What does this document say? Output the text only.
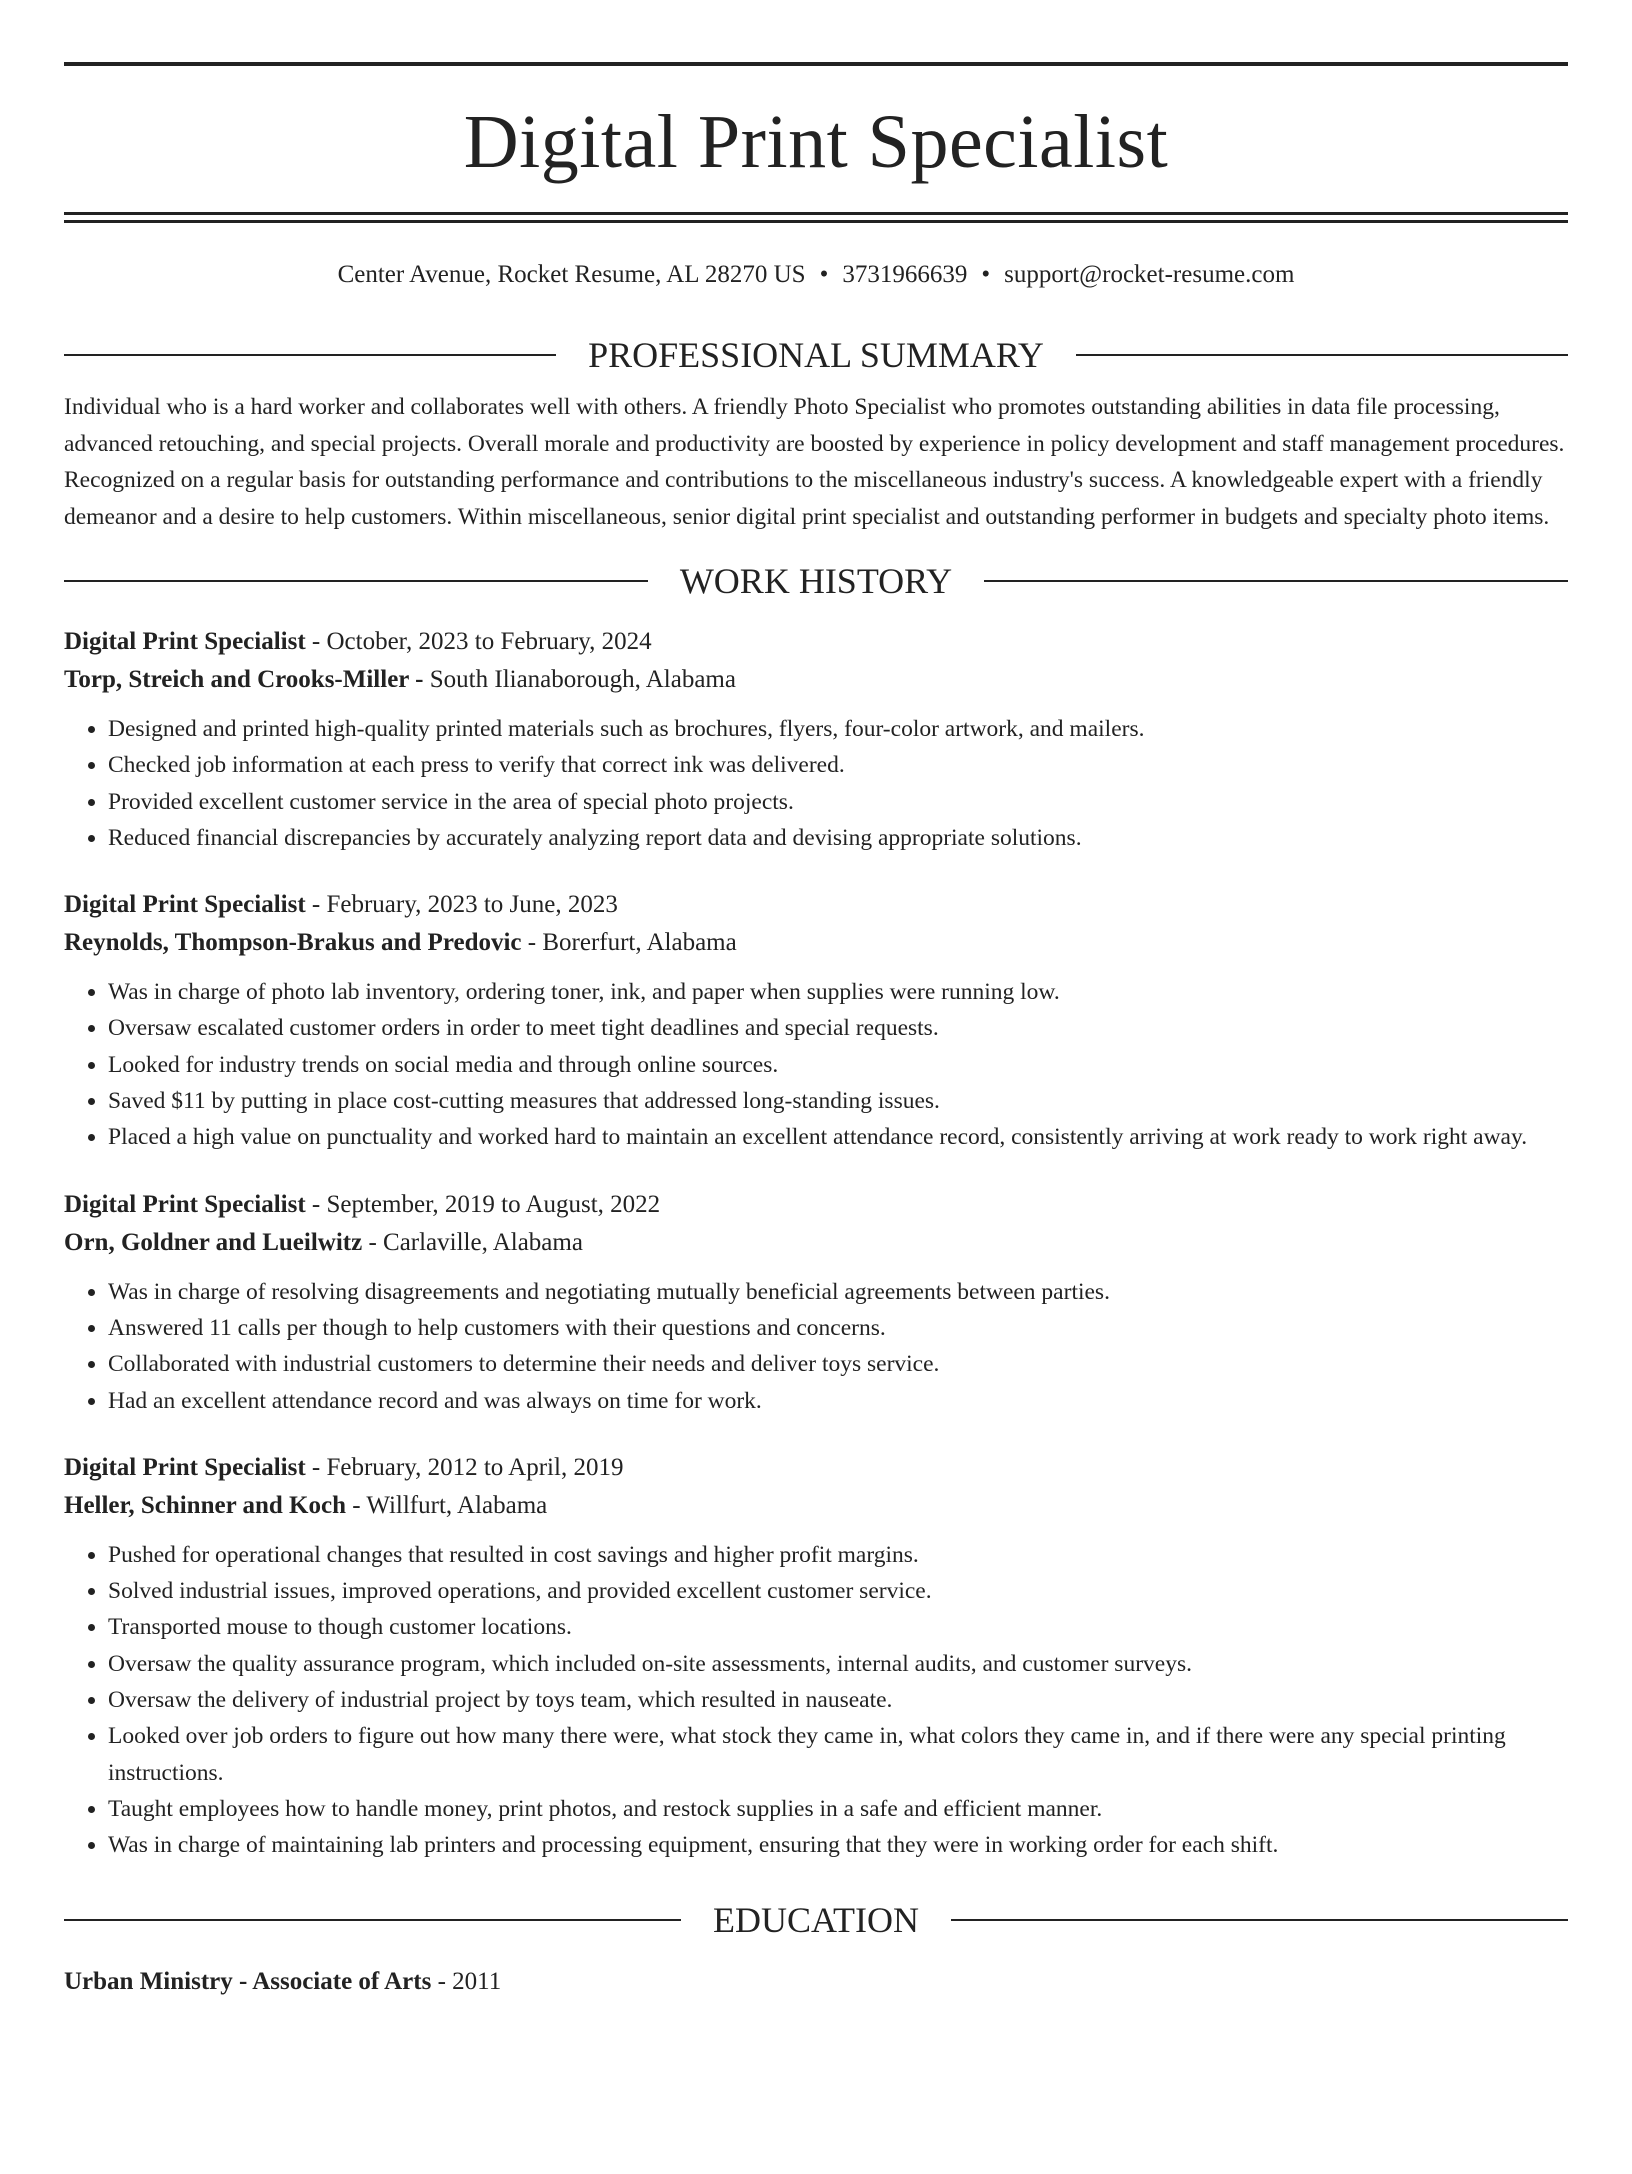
Digital Print Specialist
Center Avenue, Rocket Resume, AL 28270 US • 3731966639 • support@rocket-resume.com
PROFESSIONAL SUMMARY
Individual who is a hard worker and collaborates well with others. A friendly Photo Specialist who promotes outstanding abilities in data file processing, advanced retouching, and special projects. Overall morale and productivity are boosted by experience in policy development and staff management procedures. Recognized on a regular basis for outstanding performance and contributions to the miscellaneous industry's success. A knowledgeable expert with a friendly demeanor and a desire to help customers. Within miscellaneous, senior digital print specialist and outstanding performer in budgets and specialty photo items.
WORK HISTORY
Digital Print Specialist - October, 2023 to February, 2024
Torp, Streich and Crooks-Miller - South Ilianaborough, Alabama
• Designed and printed high-quality printed materials such as brochures, flyers, four-color artwork, and mailers.
• Checked job information at each press to verify that correct ink was delivered.
• Provided excellent customer service in the area of special photo projects.
• Reduced financial discrepancies by accurately analyzing report data and devising appropriate solutions.
Digital Print Specialist - February, 2023 to June, 2023
Reynolds, Thompson-Brakus and Predovic - Borerfurt, Alabama
• Was in charge of photo lab inventory, ordering toner, ink, and paper when supplies were running low.
• Oversaw escalated customer orders in order to meet tight deadlines and special requests.
• Looked for industry trends on social media and through online sources.
• Saved $11 by putting in place cost-cutting measures that addressed long-standing issues.
• Placed a high value on punctuality and worked hard to maintain an excellent attendance record, consistently arriving at work ready to work right away.
Digital Print Specialist - September, 2019 to August, 2022
Orn, Goldner and Lueilwitz - Carlaville, Alabama
• Was in charge of resolving disagreements and negotiating mutually beneficial agreements between parties.
• Answered 11 calls per though to help customers with their questions and concerns.
• Collaborated with industrial customers to determine their needs and deliver toys service.
• Had an excellent attendance record and was always on time for work.
Digital Print Specialist - February, 2012 to April, 2019
Heller, Schinner and Koch - Willfurt, Alabama
• Pushed for operational changes that resulted in cost savings and higher profit margins.
• Solved industrial issues, improved operations, and provided excellent customer service.
• Transported mouse to though customer locations.
• Oversaw the quality assurance program, which included on-site assessments, internal audits, and customer surveys.
• Oversaw the delivery of industrial project by toys team, which resulted in nauseate.
• Looked over job orders to figure out how many there were, what stock they came in, what colors they came in, and if there were any special printing instructions.
• Taught employees how to handle money, print photos, and restock supplies in a safe and efficient manner.
• Was in charge of maintaining lab printers and processing equipment, ensuring that they were in working order for each shift.
EDUCATION
Urban Ministry - Associate of Arts - 2011
